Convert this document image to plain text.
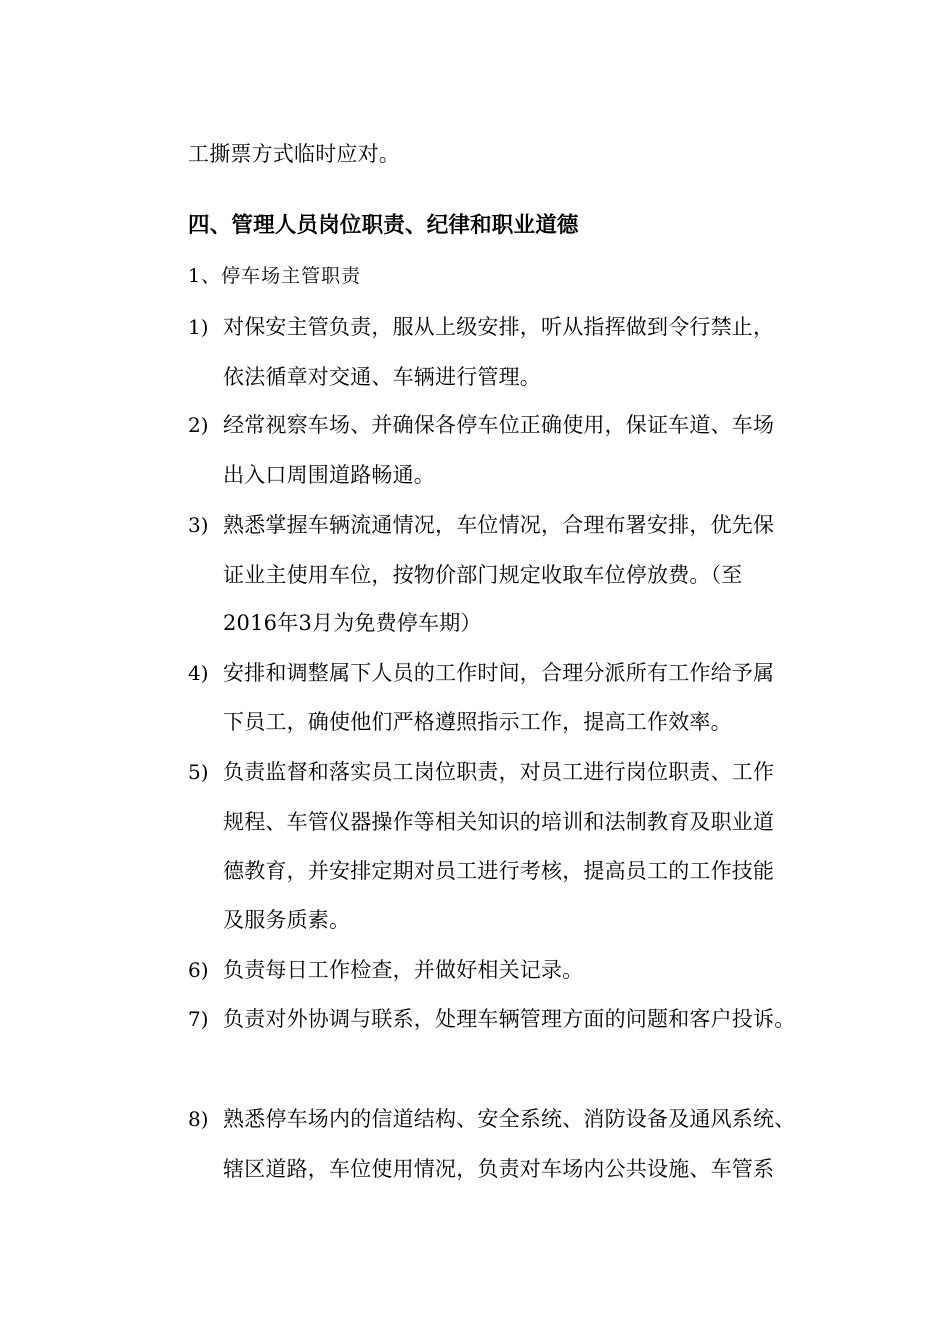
工撕票方式临时应对。
四、管理人员岗位职责、纪律和职业道德
1、停车场主管职责
1) 对保安主管负责，服从上级安排，听从指挥做到令行禁止，
依法循章对交通、车辆进行管理。
2) 经常视察车场、并确保各停车位正确使用，保证车道、车场
出入口周围道路畅通。
3) 熟悉掌握车辆流通情况，车位情况，合理布署安排，优先保
证业主使用车位，按物价部门规定收取车位停放费。（至
2016年3月为免费停车期）
4) 安排和调整属下人员的工作时间，合理分派所有工作给予属
下员工，确使他们严格遵照指示工作，提高工作效率。
5) 负责监督和落实员工岗位职责，对员工进行岗位职责、工作
规程、车管仪器操作等相关知识的培训和法制教育及职业道
德教育，并安排定期对员工进行考核，提高员工的工作技能
及服务质素。
6) 负责每日工作检查，并做好相关记录。
7) 负责对外协调与联系，处理车辆管理方面的问题和客户投诉。
8) 熟悉停车场内的信道结构、安全系统、消防设备及通风系统、
辖区道路，车位使用情况，负责对车场内公共设施、车管系
